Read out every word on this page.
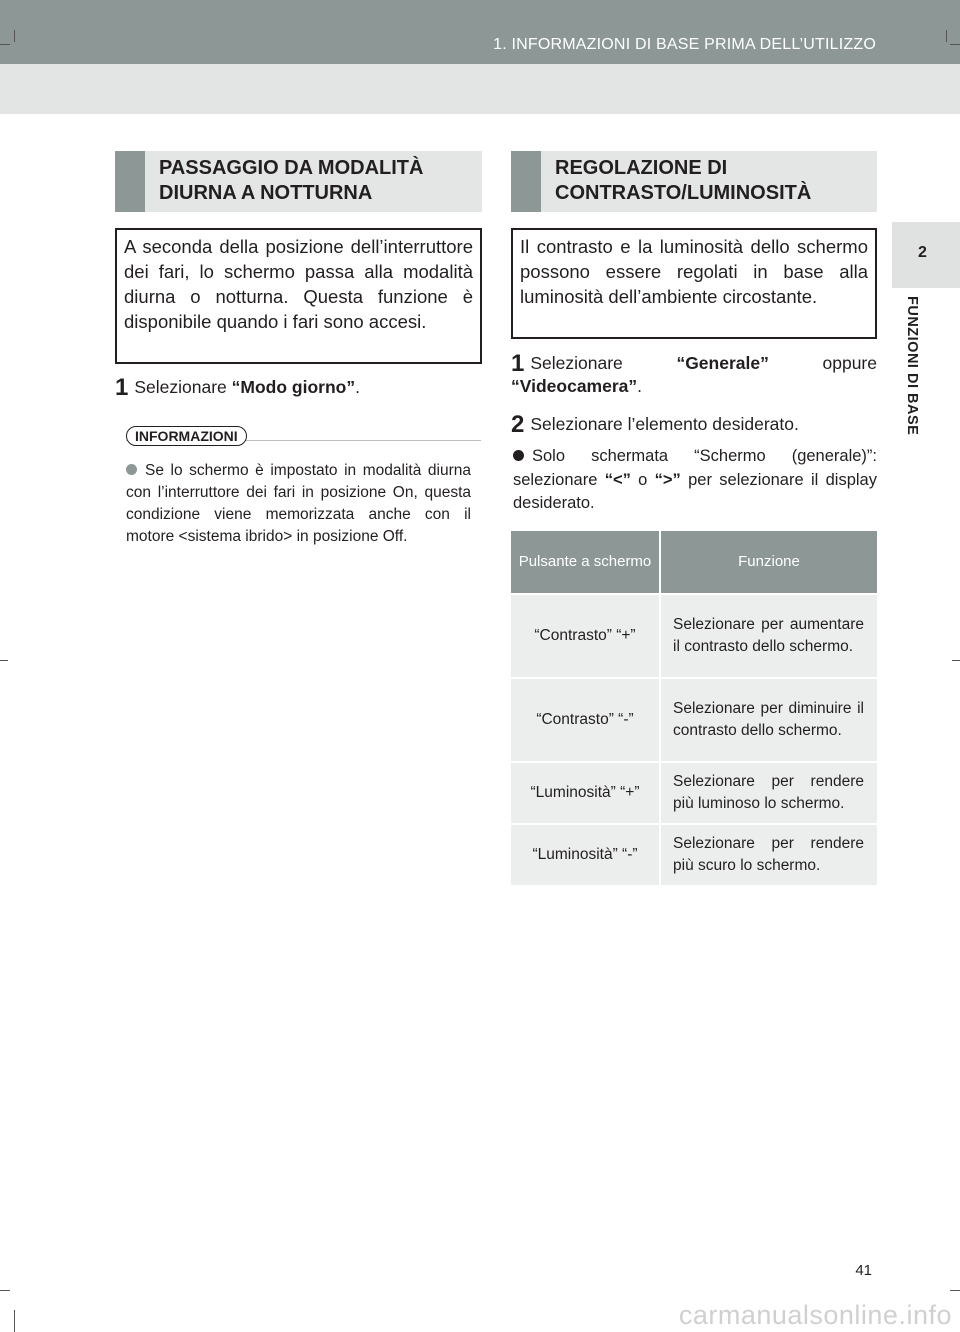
1. INFORMAZIONI DI BASE PRIMA DELL’UTILIZZO
2
FUNZIONI DI BASE
PASSAGGIO DA MODALITÀ DIURNA A NOTTURNA
A seconda della posizione dell’interruttore dei fari, lo schermo passa alla modalità diurna o notturna. Questa funzione è disponibile quando i fari sono accesi.
1 Selezionare “Modo giorno”.
INFORMAZIONI
Se lo schermo è impostato in modalità diurna con l’interruttore dei fari in posizione On, questa condizione viene memorizzata anche con il motore <sistema ibrido> in posizione Off.
REGOLAZIONE DI CONTRASTO/LUMINOSITÀ
Il contrasto e la luminosità dello schermo possono essere regolati in base alla luminosità dell’ambiente circostante.
1 Selezionare “Generale” oppure “Videocamera”.
2 Selezionare l’elemento desiderato.
Solo schermata “Schermo (generale)”: selezionare “<” o “>” per selezionare il display desiderato.
Pulsante a schermo	Funzione
“Contrasto” “+”	Selezionare per aumentare il contrasto dello schermo.
“Contrasto” “-”	Selezionare per diminuire il contrasto dello schermo.
“Luminosità” “+”	Selezionare per rendere più luminoso lo schermo.
“Luminosità” “-”	Selezionare per rendere più scuro lo schermo.
41
carmanualsonline.info
